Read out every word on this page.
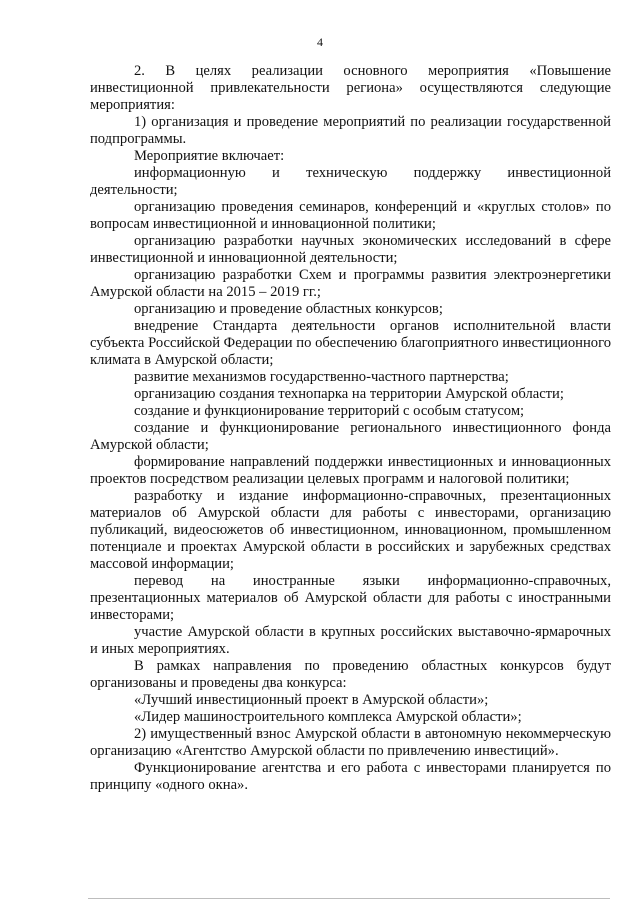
4

2. В целях реализации основного мероприятия «Повышение инвестиционной привлекательности региона» осуществляются следующие мероприятия:

1) организация и проведение мероприятий по реализации государственной подпрограммы.

Мероприятие включает:

информационную и техническую поддержку инвестиционной деятельности;

организацию проведения семинаров, конференций и «круглых столов» по вопросам инвестиционной и инновационной политики;

организацию разработки научных экономических исследований в сфере инвестиционной и инновационной деятельности;

организацию разработки Схем и программы развития электроэнергетики Амурской области на 2015 – 2019 гг.;

организацию и проведение областных конкурсов;

внедрение Стандарта деятельности органов исполнительной власти субъекта Российской Федерации по обеспечению благоприятного инвестиционного климата в Амурской области;

развитие механизмов государственно-частного партнерства;

организацию создания технопарка на территории Амурской области;

создание и функционирование территорий с особым статусом;

создание и функционирование регионального инвестиционного фонда Амурской области;

формирование направлений поддержки инвестиционных и инновационных проектов посредством реализации целевых программ и налоговой политики;

разработку и издание информационно-справочных, презентационных материалов об Амурской области для работы с инвесторами, организацию публикаций, видеосюжетов об инвестиционном, инновационном, промышленном потенциале и проектах Амурской области в российских и зарубежных средствах массовой информации;

перевод на иностранные языки информационно-справочных, презентационных материалов об Амурской области для работы с иностранными инвесторами;

участие Амурской области в крупных российских выставочно-ярмарочных и иных мероприятиях.

В рамках направления по проведению областных конкурсов будут организованы и проведены два конкурса:

«Лучший инвестиционный проект в Амурской области»;

«Лидер машиностроительного комплекса Амурской области»;

2) имущественный взнос Амурской области в автономную некоммерческую организацию «Агентство Амурской области по привлечению инвестиций».

Функционирование агентства и его работа с инвесторами планируется по принципу «одного окна».
